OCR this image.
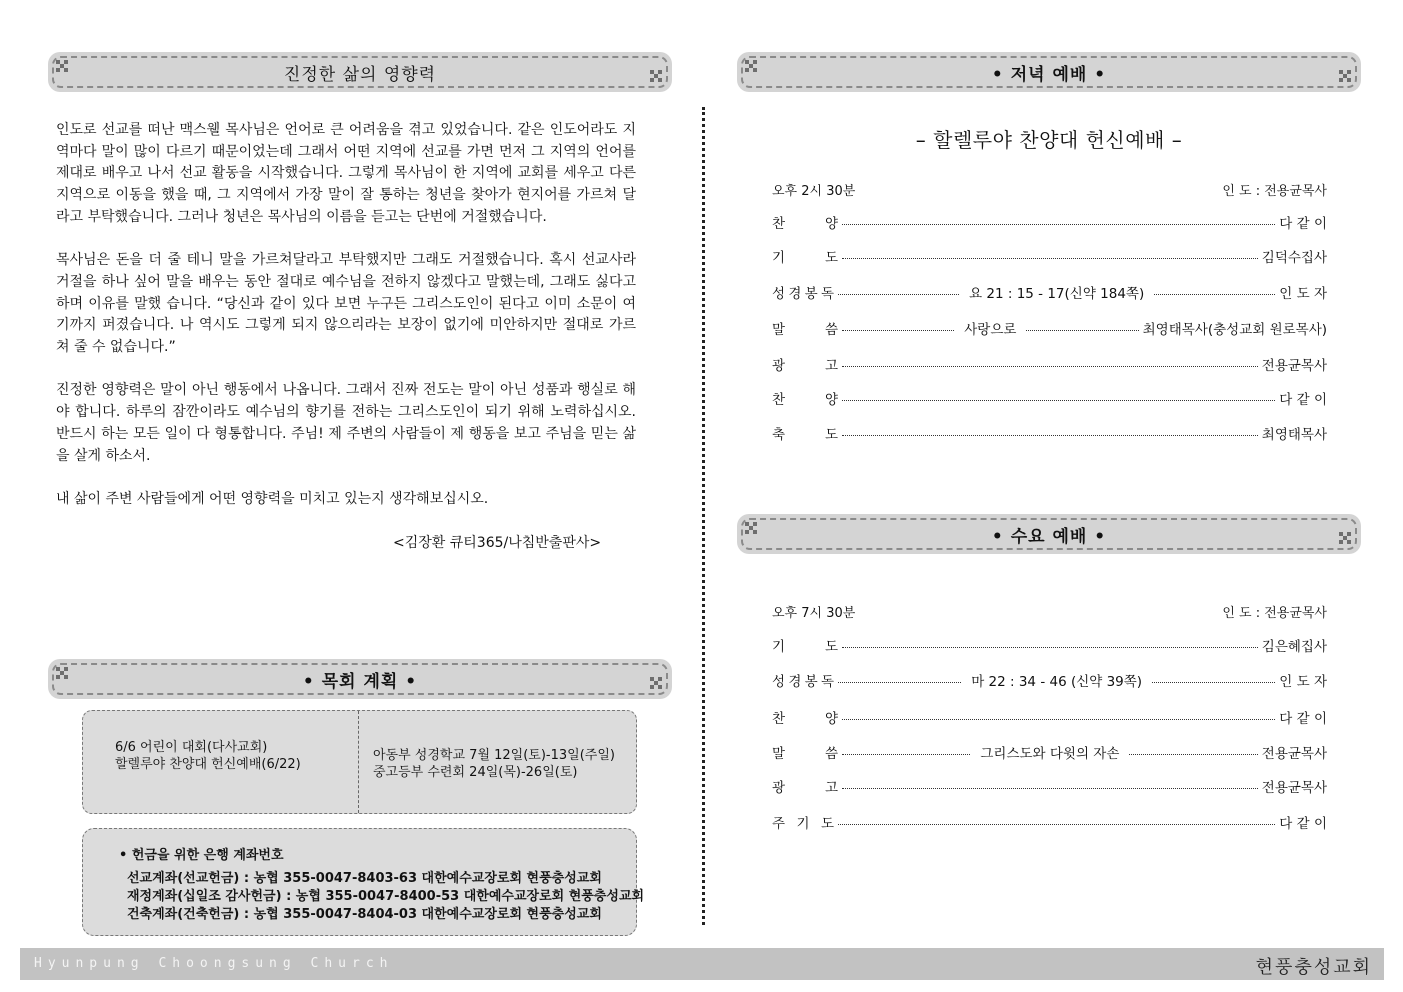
진정한 삶의 영향력

인도로 선교를 떠난 맥스웰 목사님은 언어로 큰 어려움을 겪고 있었습니다. 같은 인도어라도 지역마다 말이 많이 다르기 때문이었는데 그래서 어떤 지역에 선교를 가면 먼저 그 지역의 언어를 제대로 배우고 나서 선교 활동을 시작했습니다. 그렇게 목사님이 한 지역에 교회를 세우고 다른 지역으로 이동을 했을 때, 그 지역에서 가장 말이 잘 통하는 청년을 찾아가 현지어를 가르쳐 달라고 부탁했습니다. 그러나 청년은 목사님의 이름을 듣고는 단번에 거절했습니다.

목사님은 돈을 더 줄 테니 말을 가르쳐달라고 부탁했지만 그래도 거절했습니다. 혹시 선교사라 거절을 하나 싶어 말을 배우는 동안 절대로 예수님을 전하지 않겠다고 말했는데, 그래도 싫다고 하며 이유를 말했 습니다. “당신과 같이 있다 보면 누구든 그리스도인이 된다고 이미 소문이 여기까지 퍼졌습니다. 나 역시도 그렇게 되지 않으리라는 보장이 없기에 미안하지만 절대로 가르쳐 줄 수 없습니다.”

진정한 영향력은 말이 아닌 행동에서 나옵니다. 그래서 진짜 전도는 말이 아닌 성품과 행실로 해야 합니다. 하루의 잠깐이라도 예수님의 향기를 전하는 그리스도인이 되기 위해 노력하십시오. 반드시 하는 모든 일이 다 형통합니다. 주님! 제 주변의 사람들이 제 행동을 보고 주님을 믿는 삶을 살게 하소서.

내 삶이 주변 사람들에게 어떤 영향력을 미치고 있는지 생각해보십시오.

<김장환 큐티365/나침반출판사>
• 목회 계획 •
6/6 어린이 대회(다사교회)
할렐루야 찬양대 헌신예배(6/22)
아동부 성경학교 7월 12일(토)-13일(주일)
중고등부 수련회 24일(목)-26일(토)
• 헌금을 위한 은행 계좌번호
선교계좌(선교헌금) : 농협 355-0047-8403-63 대한예수교장로회 현풍충성교회
재정계좌(십일조 감사헌금) : 농협 355-0047-8400-53 대한예수교장로회 현풍충성교회
건축계좌(건축헌금) : 농협 355-0047-8404-03 대한예수교장로회 현풍충성교회
• 저녁 예배 •
– 할렐루야 찬양대 헌신예배 –
오후 2시 30분	인 도 : 전용균목사
찬	양	다 같 이
기	도	김덕수집사
성 경 봉 독	요 21 : 15 - 17(신약 184쪽)	인 도 자
말	씀	사랑으로	최영태목사(충성교회 원로목사)
광	고	전용균목사
찬	양	다 같 이
축	도	최영태목사
• 수요 예배 •
오후 7시 30분	인 도 : 전용균목사
기	도	김은혜집사
성 경 봉 독	마 22 : 34 - 46 (신약 39쪽)	인 도 자
찬	양	다 같 이
말	씀	그리스도와 다윗의 자손	전용균목사
광	고	전용균목사
주 기 도	다 같 이
Hyunpung Choongsung Church	현풍충성교회
